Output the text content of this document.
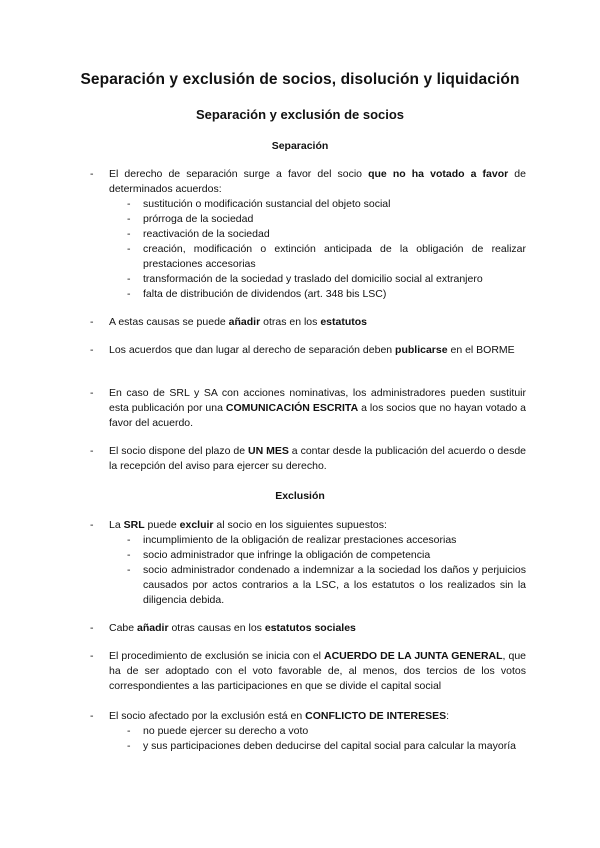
Separación y exclusión de socios, disolución y liquidación
Separación y exclusión de socios
Separación
- El derecho de separación surge a favor del socio que no ha votado a favor de determinados acuerdos:
- sustitución o modificación sustancial del objeto social
- prórroga de la sociedad
- reactivación de la sociedad
- creación, modificación o extinción anticipada de la obligación de realizar prestaciones accesorias
- transformación de la sociedad y traslado del domicilio social al extranjero
- falta de distribución de dividendos (art. 348 bis LSC)
- A estas causas se puede añadir otras en los estatutos
- Los acuerdos que dan lugar al derecho de separación deben publicarse en el BORME
- En caso de SRL y SA con acciones nominativas, los administradores pueden sustituir esta publicación por una COMUNICACIÓN ESCRITA a los socios que no hayan votado a favor del acuerdo.
- El socio dispone del plazo de UN MES a contar desde la publicación del acuerdo o desde la recepción del aviso para ejercer su derecho.
Exclusión
- La SRL puede excluir al socio en los siguientes supuestos:
- incumplimiento de la obligación de realizar prestaciones accesorias
- socio administrador que infringe la obligación de competencia
- socio administrador condenado a indemnizar a la sociedad los daños y perjuicios causados por actos contrarios a la LSC, a los estatutos o los realizados sin la diligencia debida.
- Cabe añadir otras causas en los estatutos sociales
- El procedimiento de exclusión se inicia con el ACUERDO DE LA JUNTA GENERAL, que ha de ser adoptado con el voto favorable de, al menos, dos tercios de los votos correspondientes a las participaciones en que se divide el capital social
- El socio afectado por la exclusión está en CONFLICTO DE INTERESES:
- no puede ejercer su derecho a voto
- y sus participaciones deben deducirse del capital social para calcular la mayoría
